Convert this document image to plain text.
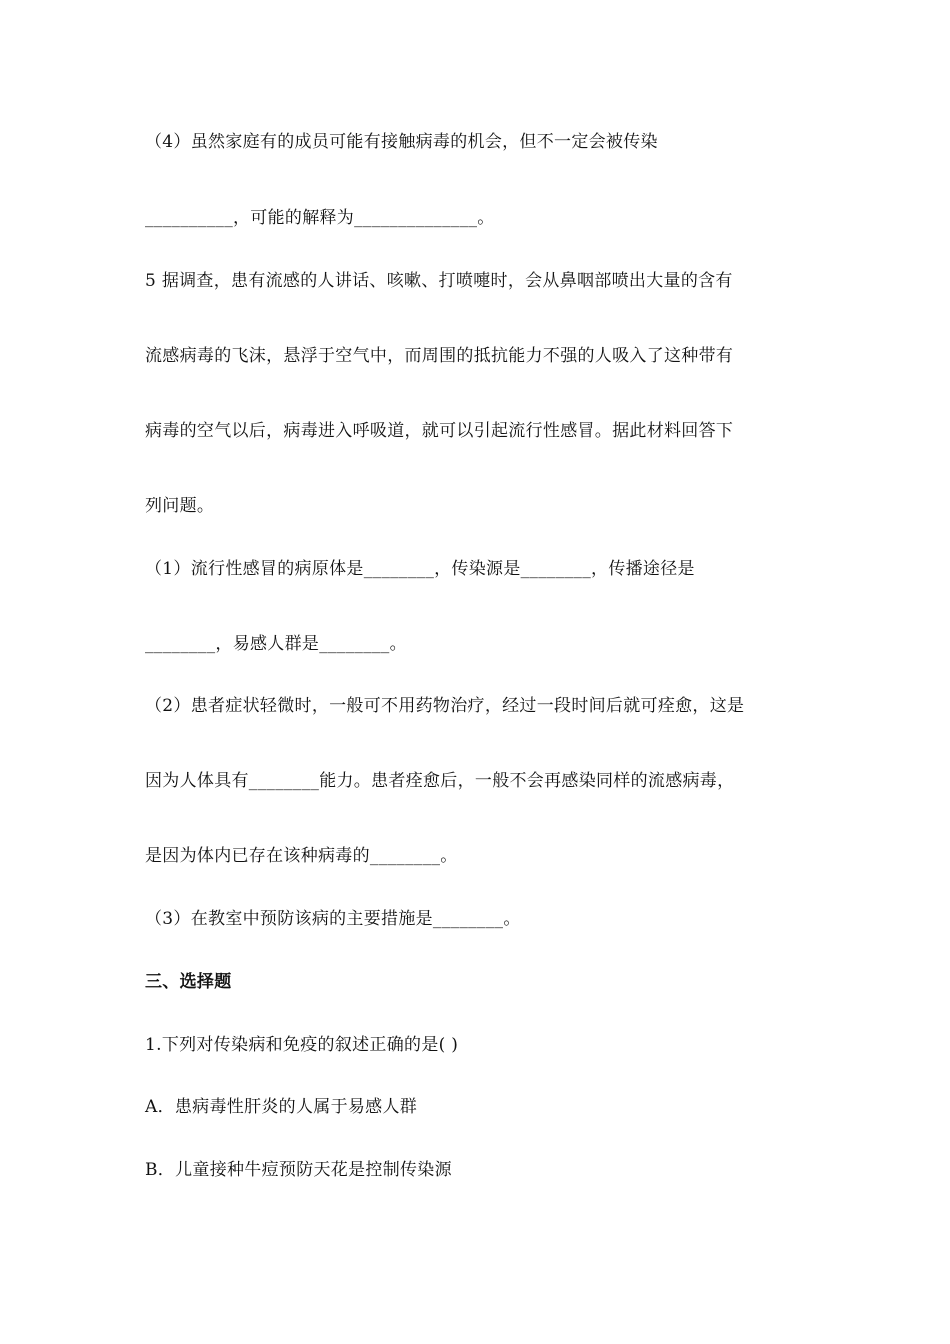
（4）虽然家庭有的成员可能有接触病毒的机会，但不一定会被传染
__________，可能的解释为______________。
5 据调查，患有流感的人讲话、咳嗽、打喷嚏时，会从鼻咽部喷出大量的含有
流感病毒的飞沫，悬浮于空气中，而周围的抵抗能力不强的人吸入了这种带有
病毒的空气以后，病毒进入呼吸道，就可以引起流行性感冒。据此材料回答下
列问题。
（1）流行性感冒的病原体是________，传染源是________，传播途径是
________，易感人群是________。
（2）患者症状轻微时，一般可不用药物治疗，经过一段时间后就可痊愈，这是
因为人体具有________能力。患者痊愈后，一般不会再感染同样的流感病毒，
是因为体内已存在该种病毒的________。
（3）在教室中预防该病的主要措施是________。
三、选择题
1.下列对传染病和免疫的叙述正确的是( )
A．患病毒性肝炎的人属于易感人群
B．儿童接种牛痘预防天花是控制传染源
